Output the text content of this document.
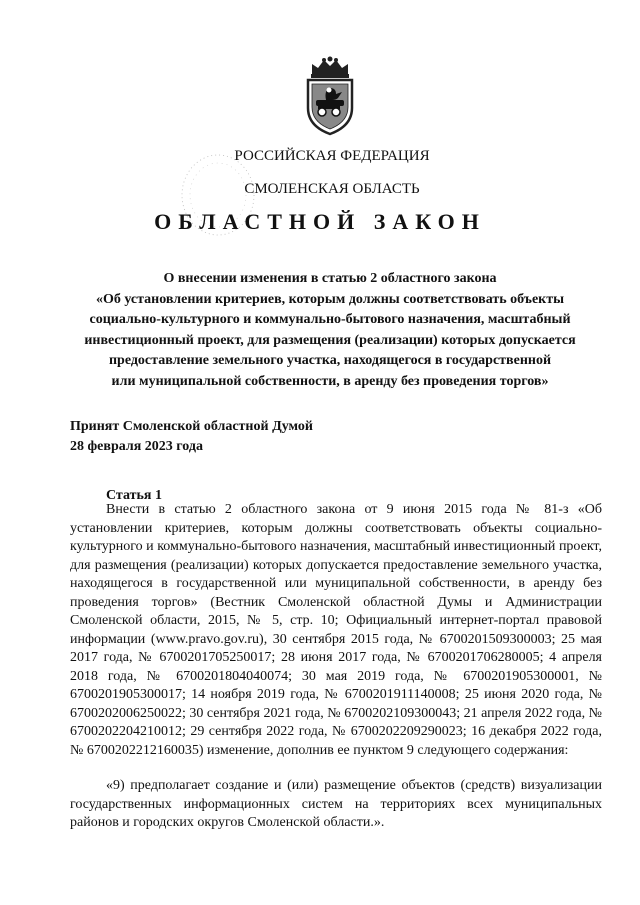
РОССИЙСКАЯ ФЕДЕРАЦИЯ
СМОЛЕНСКАЯ ОБЛАСТЬ
ОБЛАСТНОЙ ЗАКОН
О внесении изменения в статью 2 областного закона
«Об установлении критериев, которым должны соответствовать объекты
социально-культурного и коммунально-бытового назначения, масштабный
инвестиционный проект, для размещения (реализации) которых допускается
предоставление земельного участка, находящегося в государственной
или муниципальной собственности, в аренду без проведения торгов»
Принят Смоленской областной Думой
28 февраля 2023 года
Статья 1
Внести в статью 2 областного закона от 9 июня 2015 года № 81-з «Об установлении критериев, которым должны соответствовать объекты социально-культурного и коммунально-бытового назначения, масштабный инвестиционный проект, для размещения (реализации) которых допускается предоставление земельного участка, находящегося в государственной или муниципальной собственности, в аренду без проведения торгов» (Вестник Смоленской областной Думы и Администрации Смоленской области, 2015, № 5, стр. 10; Официальный интернет-портал правовой информации (www.pravo.gov.ru), 30 сентября 2015 года, № 6700201509300003; 25 мая 2017 года, № 6700201705250017; 28 июня 2017 года, № 6700201706280005; 4 апреля 2018 года, № 6700201804040074; 30 мая 2019 года, № 6700201905300001, № 6700201905300017; 14 ноября 2019 года, № 6700201911140008; 25 июня 2020 года, № 6700202006250022; 30 сентября 2021 года, № 6700202109300043; 21 апреля 2022 года, № 6700202204210012; 29 сентября 2022 года, № 6700202209290023; 16 декабря 2022 года, № 6700202212160035) изменение, дополнив ее пунктом 9 следующего содержания:
«9) предполагает создание и (или) размещение объектов (средств) визуализации государственных информационных систем на территориях всех муниципальных районов и городских округов Смоленской области.».
